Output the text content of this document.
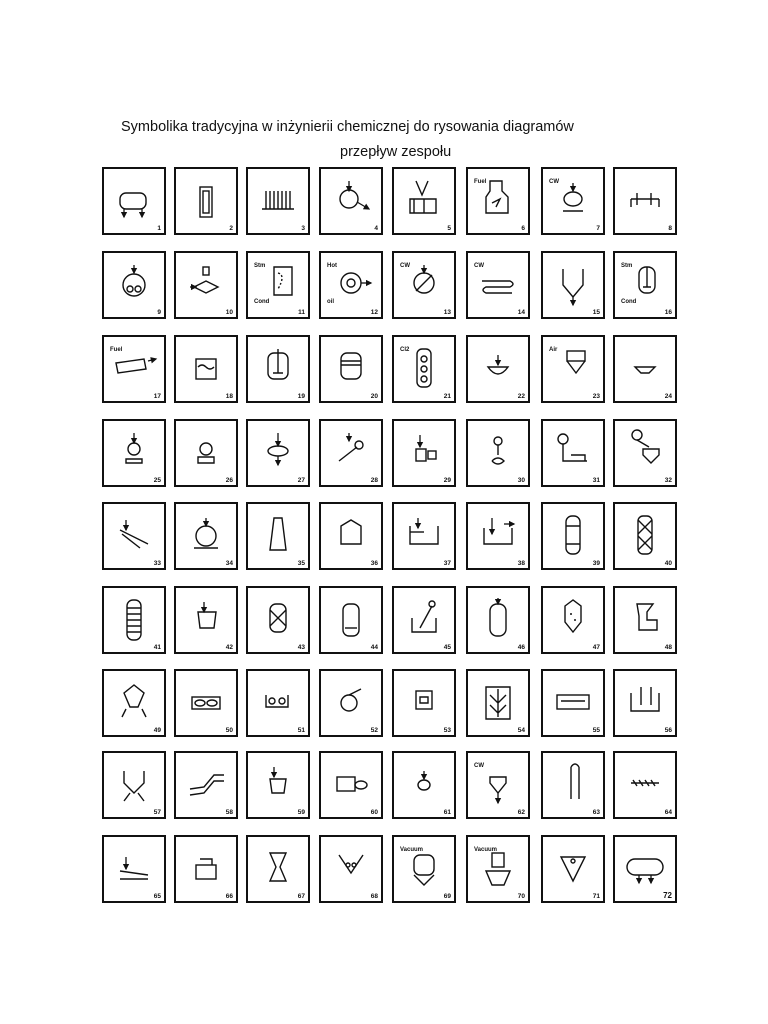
Symbolika tradycyjna w inżynierii chemicznej do rysowania diagramów
przepływ zespołu
1	2	3	4	5
Fuel
6
CW
7	8
9	10
Stm
Cond
11
Hot
oil
12
CW
13
CW
14	15
Stm
Cond
16
Fuel
17	18	19	20
Cl2
21	22
Air
23	24
25	26	27	28	29	30	31	32
33	34	35	36	37	38	39	40
41	42	43	44	45	46	47	48
49	50	51	52	53	54	55	56
57	58	59	60	61
CW
62	63	64
65	66	67	68
Vacuum
69
Vacuum
70	71	72
